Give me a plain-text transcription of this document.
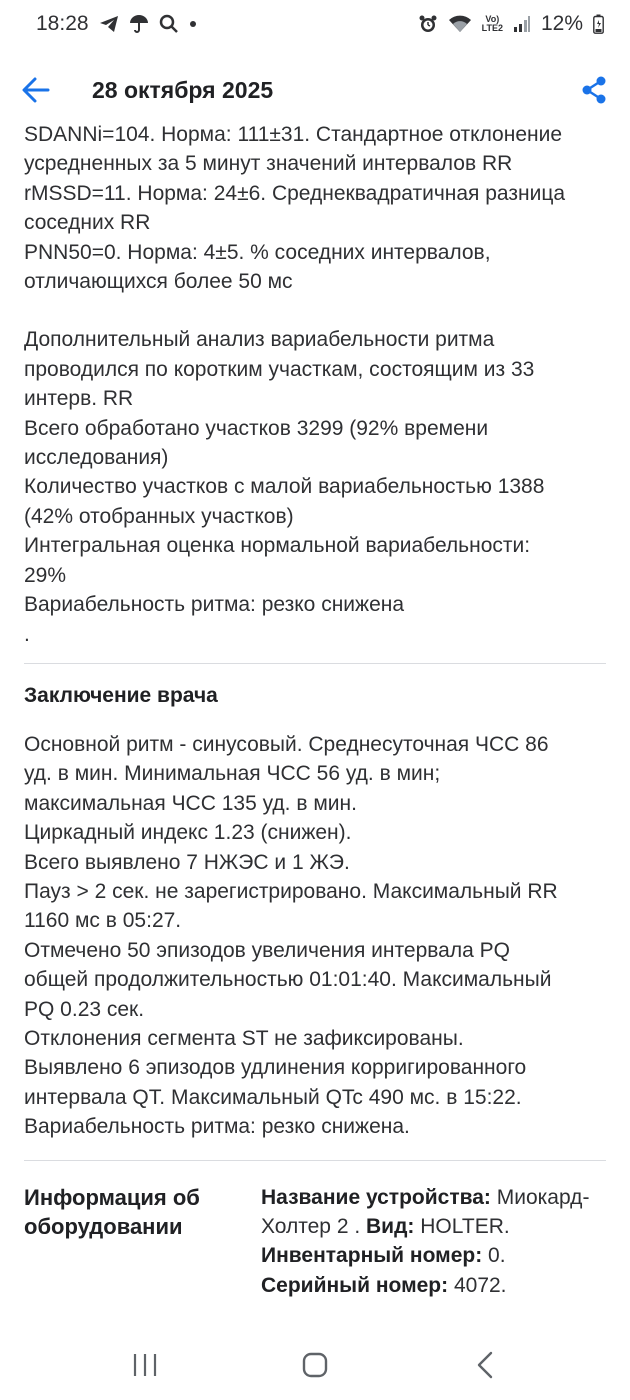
18:28	Vo)
LTE2 12%
28 октября 2025

SDANNi=104. Норма: 111±31. Стандартное отклонение

усредненных за 5 минут значений интервалов RR

rMSSD=11. Норма: 24±6. Среднеквадратичная разница

соседних RR

PNN50=0. Норма: 4±5. % соседних интервалов,

отличающихся более 50 мс

Дополнительный анализ вариабельности ритма

проводился по коротким участкам, состоящим из 33

интерв. RR

Всего обработано участков 3299 (92% времени

исследования)

Количество участков с малой вариабельностью 1388

(42% отобранных участков)

Интегральная оценка нормальной вариабельности:

29%

Вариабельность ритма: резко снижена

.

Заключение врача

Основной ритм - синусовый. Среднесуточная ЧСС 86

уд. в мин. Минимальная ЧСС 56 уд. в мин;

максимальная ЧСС 135 уд. в мин.

Циркадный индекс 1.23 (снижен).

Всего выявлено 7 НЖЭС и 1 ЖЭ.

Пауз > 2 сек. не зарегистрировано. Максимальный RR

1160 мс в 05:27.

Отмечено 50 эпизодов увеличения интервала PQ

общей продолжительностью 01:01:40. Максимальный

PQ 0.23 сек.

Отклонения сегмента ST не зафиксированы.

Выявлено 6 эпизодов удлинения корригированного

интервала QT. Максимальный QTc 490 мс. в 15:22.

Вариабельность ритма: резко снижена.

Информация об
оборудовании
Название устройства: Миокард-
Холтер 2 . Вид: HOLTER.
Инвентарный номер: 0.
Серийный номер: 4072.
